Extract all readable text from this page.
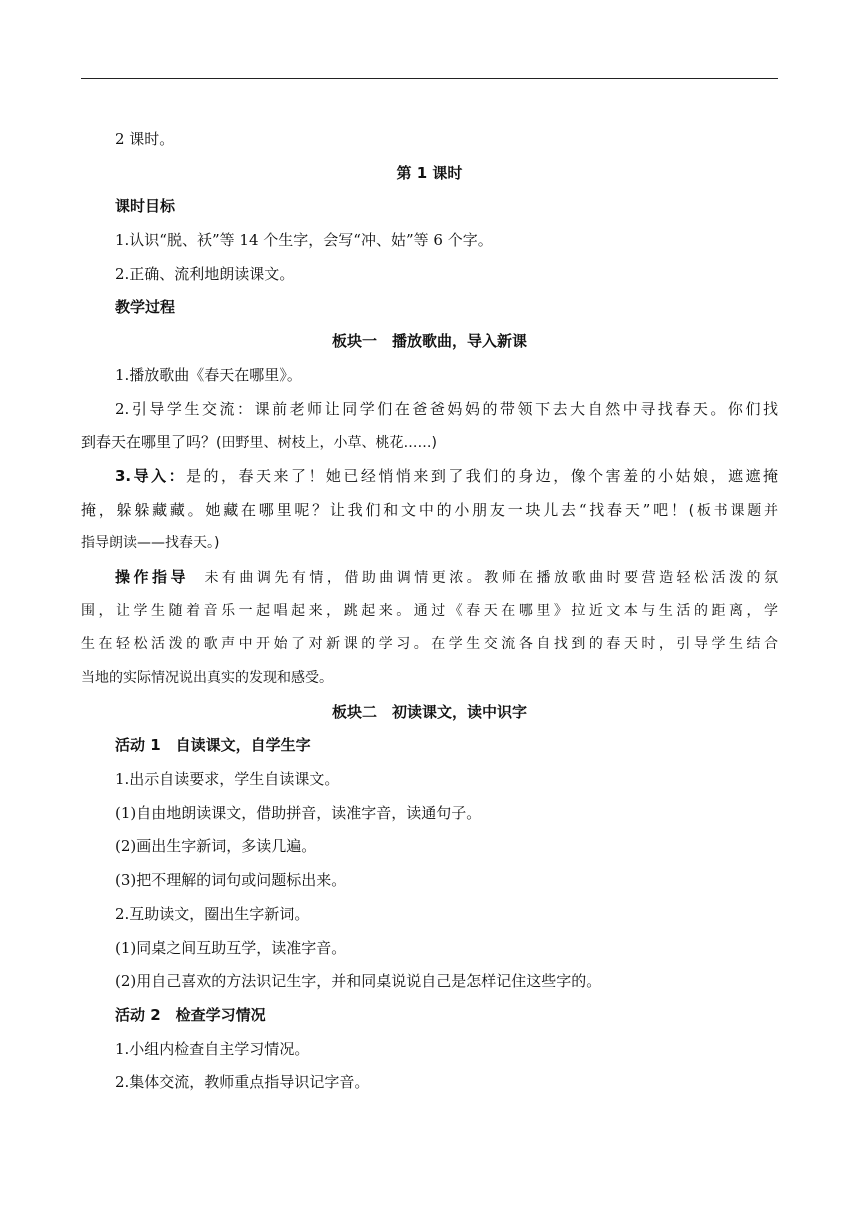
2 课时。
第 1 课时
课时目标
1.认识“脱、袄”等 14 个生字，会写“冲、姑”等 6 个字。
2.正确、流利地朗读课文。
教学过程
板块一　播放歌曲，导入新课
1.播放歌曲《春天在哪里》。
2.引导学生交流：课前老师让同学们在爸爸妈妈的带领下去大自然中寻找春天。你们找
到春天在哪里了吗？(田野里、树枝上，小草、桃花……)
3.导入：是的，春天来了！她已经悄悄来到了我们的身边，像个害羞的小姑娘，遮遮掩
掩，躲躲藏藏。她藏在哪里呢？让我们和文中的小朋友一块儿去“找春天”吧！(板书课题并
指导朗读——找春天。)
操作指导 未有曲调先有情，借助曲调情更浓。教师在播放歌曲时要营造轻松活泼的氛
围，让学生随着音乐一起唱起来，跳起来。通过《春天在哪里》拉近文本与生活的距离，学
生在轻松活泼的歌声中开始了对新课的学习。在学生交流各自找到的春天时，引导学生结合
当地的实际情况说出真实的发现和感受。
板块二　初读课文，读中识字
活动 1　自读课文，自学生字
1.出示自读要求，学生自读课文。
(1)自由地朗读课文，借助拼音，读准字音，读通句子。
(2)画出生字新词，多读几遍。
(3)把不理解的词句或问题标出来。
2.互助读文，圈出生字新词。
(1)同桌之间互助互学，读准字音。
(2)用自己喜欢的方法识记生字，并和同桌说说自己是怎样记住这些字的。
活动 2　检查学习情况
1.小组内检查自主学习情况。
2.集体交流，教师重点指导识记字音。
